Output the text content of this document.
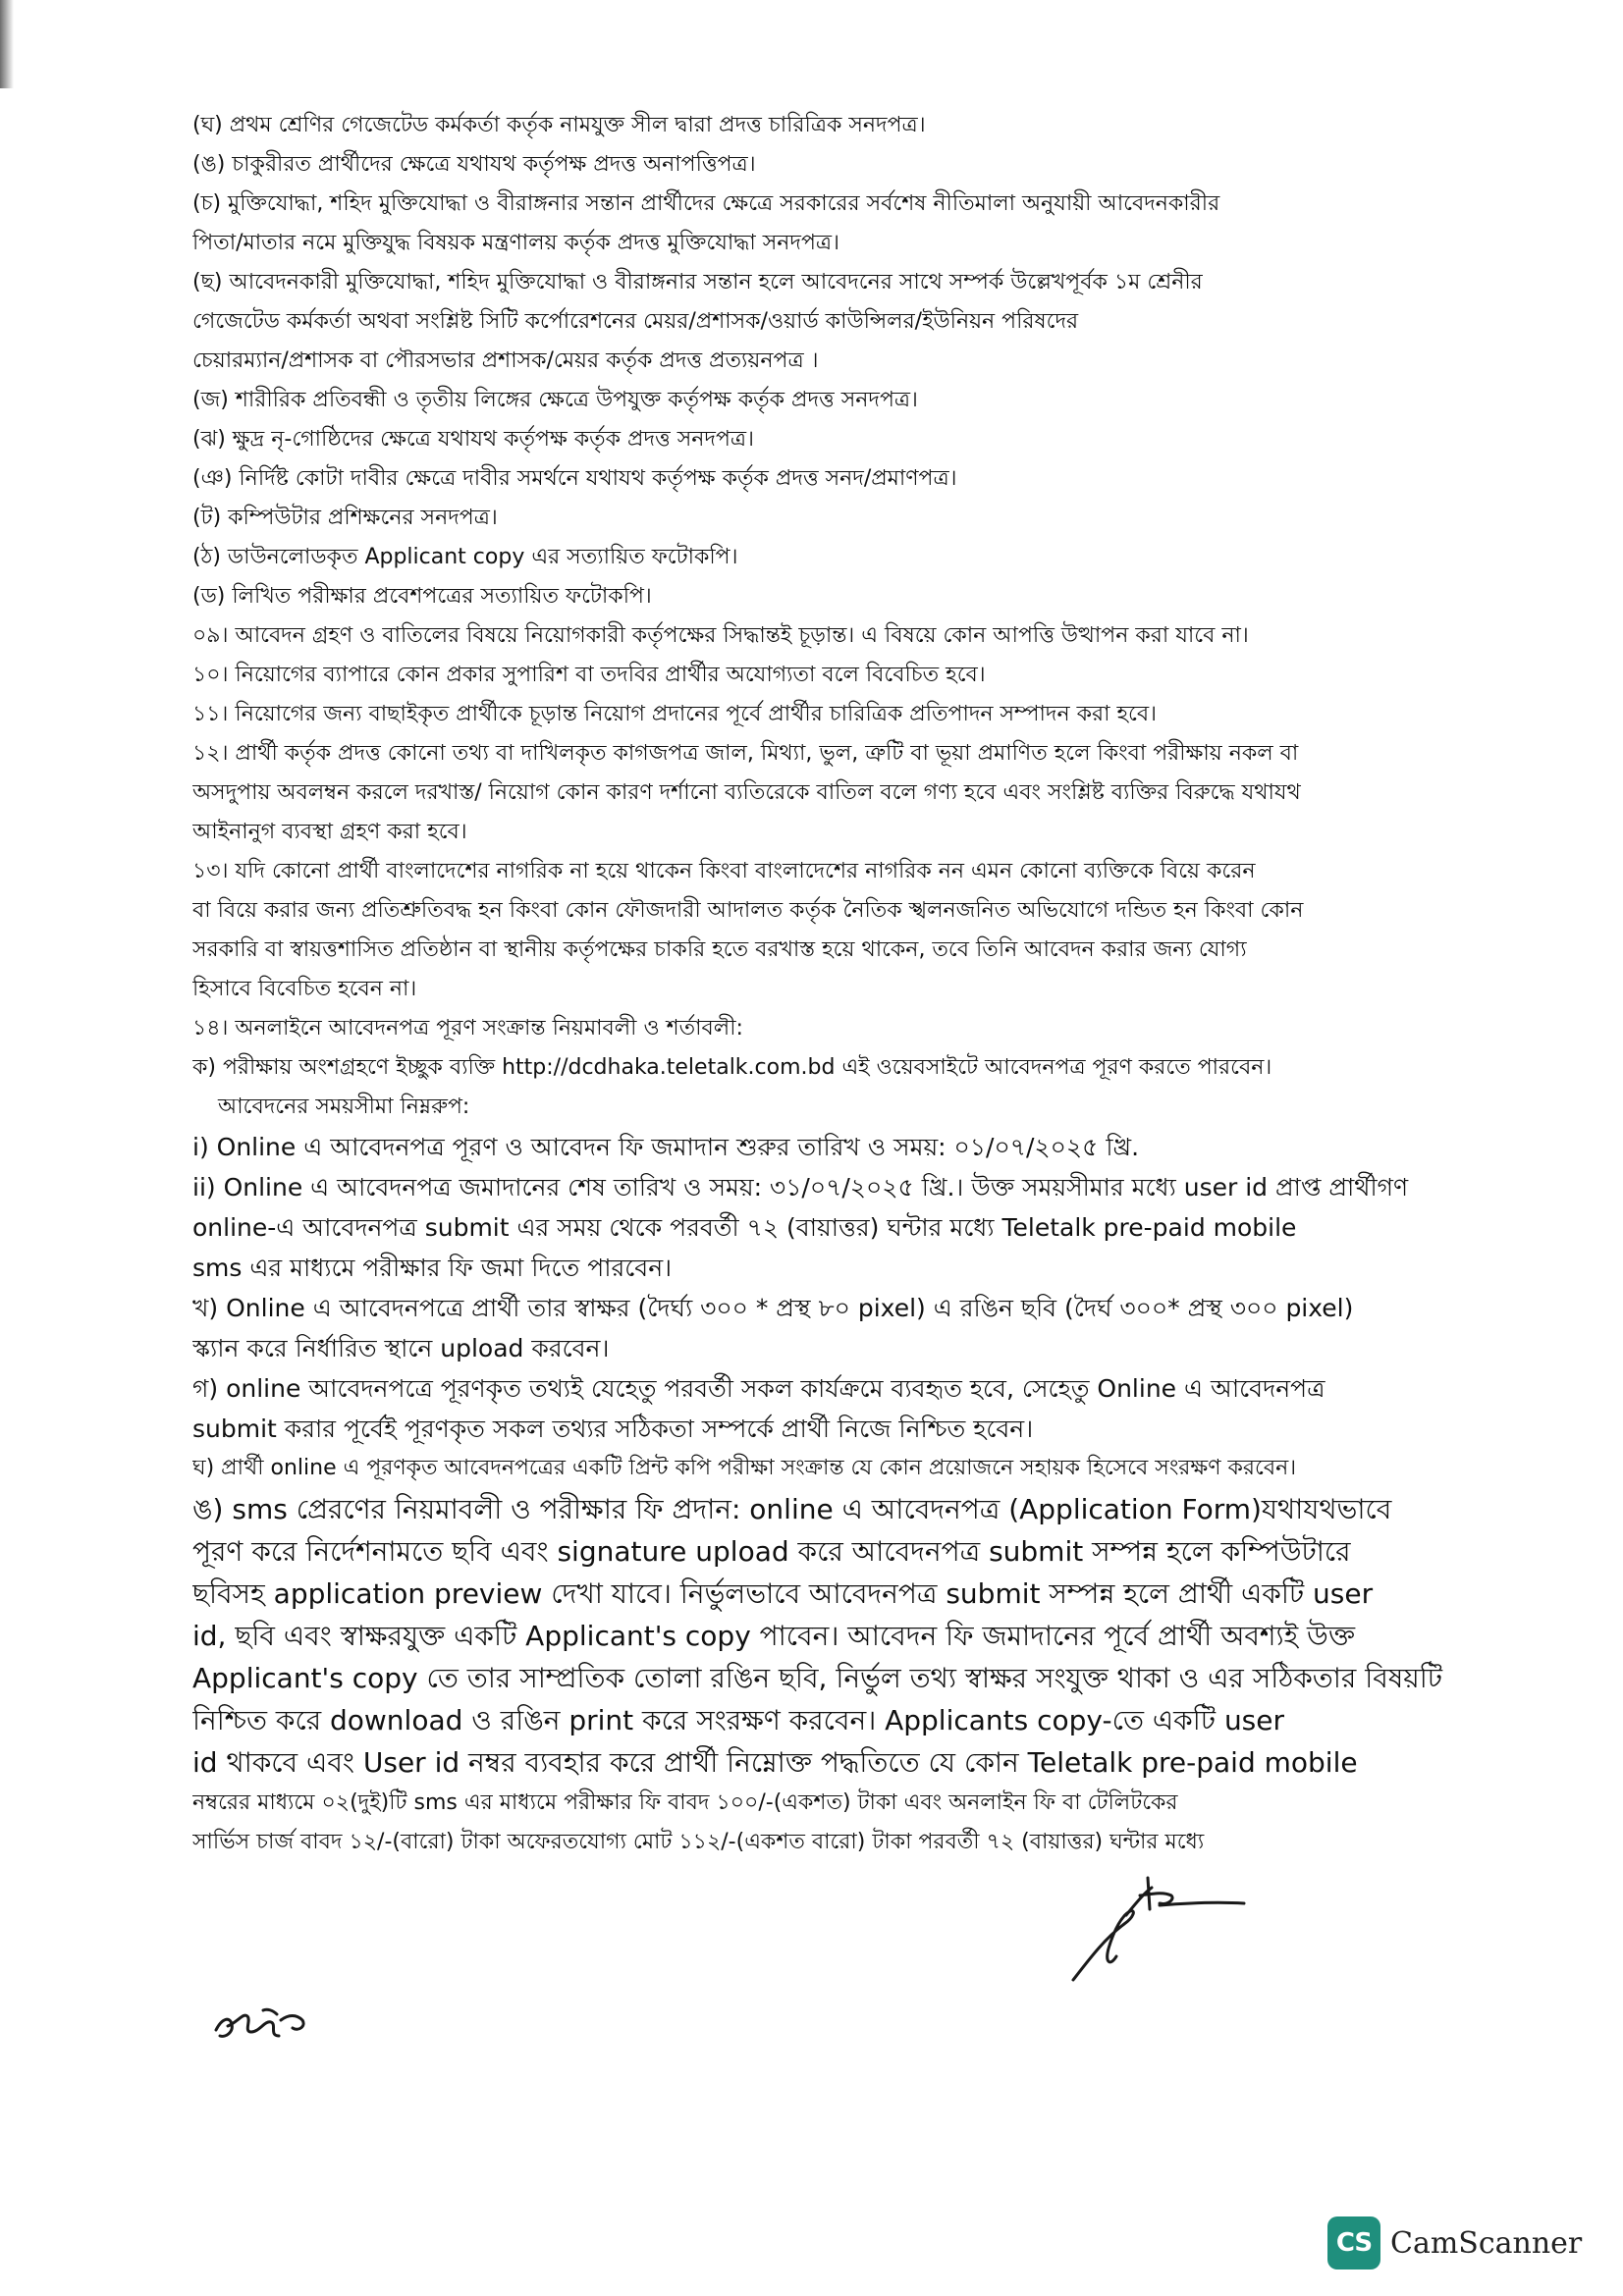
(ঘ) প্রথম শ্রেণির গেজেটেড কর্মকর্তা কর্তৃক নামযুক্ত সীল দ্বারা প্রদত্ত চারিত্রিক সনদপত্র।
(ঙ) চাকুরীরত প্রার্থীদের ক্ষেত্রে যথাযথ কর্তৃপক্ষ প্রদত্ত অনাপত্তিপত্র।
(চ) মুক্তিযোদ্ধা, শহিদ মুক্তিযোদ্ধা ও বীরাঙ্গনার সন্তান প্রার্থীদের ক্ষেত্রে সরকারের সর্বশেষ নীতিমালা অনুযায়ী আবেদনকারীর
পিতা/মাতার নমে মুক্তিযুদ্ধ বিষয়ক মন্ত্রণালয় কর্তৃক প্রদত্ত মুক্তিযোদ্ধা সনদপত্র।
(ছ) আবেদনকারী মুক্তিযোদ্ধা, শহিদ মুক্তিযোদ্ধা ও বীরাঙ্গনার সন্তান হলে আবেদনের সাথে সম্পর্ক উল্লেখপূর্বক ১ম শ্রেনীর
গেজেটেড কর্মকর্তা অথবা সংশ্লিষ্ট সিটি কর্পোরেশনের মেয়র/প্রশাসক/ওয়ার্ড কাউন্সিলর/ইউনিয়ন পরিষদের
চেয়ারম্যান/প্রশাসক বা পৌরসভার প্রশাসক/মেয়র কর্তৃক প্রদত্ত প্রত্যয়নপত্র ।
(জ) শারীরিক প্রতিবন্ধী ও তৃতীয় লিঙ্গের ক্ষেত্রে উপযুক্ত কর্তৃপক্ষ কর্তৃক প্রদত্ত সনদপত্র।
(ঝ) ক্ষুদ্র নৃ-গোষ্ঠিদের ক্ষেত্রে যথাযথ কর্তৃপক্ষ কর্তৃক প্রদত্ত সনদপত্র।
(ঞ) নির্দিষ্ট কোটা দাবীর ক্ষেত্রে দাবীর সমর্থনে যথাযথ কর্তৃপক্ষ কর্তৃক প্রদত্ত সনদ/প্রমাণপত্র।
(ট) কম্পিউটার প্রশিক্ষনের সনদপত্র।
(ঠ) ডাউনলোডকৃত Applicant copy এর সত্যায়িত ফটোকপি।
(ড) লিখিত পরীক্ষার প্রবেশপত্রের সত্যায়িত ফটোকপি।
০৯। আবেদন গ্রহণ ও বাতিলের বিষয়ে নিয়োগকারী কর্তৃপক্ষের সিদ্ধান্তই চূড়ান্ত। এ বিষয়ে কোন আপত্তি উত্থাপন করা যাবে না।
১০। নিয়োগের ব্যাপারে কোন প্রকার সুপারিশ বা তদবির প্রার্থীর অযোগ্যতা বলে বিবেচিত হবে।
১১। নিয়োগের জন্য বাছাইকৃত প্রার্থীকে চূড়ান্ত নিয়োগ প্রদানের পূর্বে প্রার্থীর চারিত্রিক প্রতিপাদন সম্পাদন করা হবে।
১২। প্রার্থী কর্তৃক প্রদত্ত কোনো তথ্য বা দাখিলকৃত কাগজপত্র জাল, মিথ্যা, ভুল, ত্রুটি বা ভূয়া প্রমাণিত হলে কিংবা পরীক্ষায় নকল বা
অসদুপায় অবলম্বন করলে দরখাস্ত/ নিয়োগ কোন কারণ দর্শানো ব্যতিরেকে বাতিল বলে গণ্য হবে এবং সংশ্লিষ্ট ব্যক্তির বিরুদ্ধে যথাযথ
আইনানুগ ব্যবস্থা গ্রহণ করা হবে।
১৩। যদি কোনো প্রার্থী বাংলাদেশের নাগরিক না হয়ে থাকেন কিংবা বাংলাদেশের নাগরিক নন এমন কোনো ব্যক্তিকে বিয়ে করেন
বা বিয়ে করার জন্য প্রতিশ্রুতিবদ্ধ হন কিংবা কোন ফৌজদারী আদালত কর্তৃক নৈতিক স্খলনজনিত অভিযোগে দন্ডিত হন কিংবা কোন
সরকারি বা স্বায়ত্তশাসিত প্রতিষ্ঠান বা স্থানীয় কর্তৃপক্ষের চাকরি হতে বরখাস্ত হয়ে থাকেন, তবে তিনি আবেদন করার জন্য যোগ্য
হিসাবে বিবেচিত হবেন না।
১৪। অনলাইনে আবেদনপত্র পূরণ সংক্রান্ত নিয়মাবলী ও শর্তাবলী:
ক) পরীক্ষায় অংশগ্রহণে ইচ্ছুক ব্যক্তি http://dcdhaka.teletalk.com.bd এই ওয়েবসাইটে আবেদনপত্র পূরণ করতে পারবেন।
আবেদনের সময়সীমা নিম্নরুপ:
i) Online এ আবেদনপত্র পূরণ ও আবেদন ফি জমাদান শুরুর তারিখ ও সময়: ০১/০৭/২০২৫ খ্রি.
ii) Online এ আবেদনপত্র জমাদানের শেষ তারিখ ও সময়: ৩১/০৭/২০২৫ খ্রি.। উক্ত সময়সীমার মধ্যে user id প্রাপ্ত প্রার্থীগণ
online-এ আবেদনপত্র submit এর সময় থেকে পরবর্তী ৭২ (বায়াত্তর) ঘন্টার মধ্যে Teletalk pre-paid mobile
sms এর মাধ্যমে পরীক্ষার ফি জমা দিতে পারবেন।
খ) Online এ আবেদনপত্রে প্রার্থী তার স্বাক্ষর (দৈর্ঘ্য ৩০০ * প্রস্থ ৮০ pixel) এ রঙিন ছবি (দৈর্ঘ ৩০০* প্রস্থ ৩০০ pixel)
স্ক্যান করে নির্ধারিত স্থানে upload করবেন।
গ) online আবেদনপত্রে পূরণকৃত তথ্যই যেহেতু পরবর্তী সকল কার্যক্রমে ব্যবহৃত হবে, সেহেতু Online এ আবেদনপত্র
submit করার পূর্বেই পূরণকৃত সকল তথ্যর সঠিকতা সম্পর্কে প্রার্থী নিজে নিশ্চিত হবেন।
ঘ) প্রার্থী online এ পূরণকৃত আবেদনপত্রের একটি প্রিন্ট কপি পরীক্ষা সংক্রান্ত যে কোন প্রয়োজনে সহায়ক হিসেবে সংরক্ষণ করবেন।
ঙ) sms প্রেরণের নিয়মাবলী ও পরীক্ষার ফি প্রদান: online এ আবেদনপত্র (Application Form)যথাযথভাবে
পূরণ করে নির্দেশনামতে ছবি এবং signature upload করে আবেদনপত্র submit সম্পন্ন হলে কম্পিউটারে
ছবিসহ application preview দেখা যাবে। নির্ভুলভাবে আবেদনপত্র submit সম্পন্ন হলে প্রার্থী একটি user
id, ছবি এবং স্বাক্ষরযুক্ত একটি Applicant's copy পাবেন। আবেদন ফি জমাদানের পূর্বে প্রার্থী অবশ্যই উক্ত
Applicant's copy তে তার সাম্প্রতিক তোলা রঙিন ছবি, নির্ভুল তথ্য স্বাক্ষর সংযুক্ত থাকা ও এর সঠিকতার বিষয়টি
নিশ্চিত করে download ও রঙিন print করে সংরক্ষণ করবেন। Applicants copy-তে একটি user
id থাকবে এবং User id নম্বর ব্যবহার করে প্রার্থী নিম্নোক্ত পদ্ধতিতে যে কোন Teletalk pre-paid mobile
নম্বরের মাধ্যমে ০২(দুই)টি sms এর মাধ্যমে পরীক্ষার ফি বাবদ ১০০/-(একশত) টাকা এবং অনলাইন ফি বা টেলিটকের
সার্ভিস চার্জ বাবদ ১২/-(বারো) টাকা অফেরতযোগ্য মোট ১১২/-(একশত বারো) টাকা পরবর্তী ৭২ (বায়াত্তর) ঘন্টার মধ্যে
CS CamScanner
